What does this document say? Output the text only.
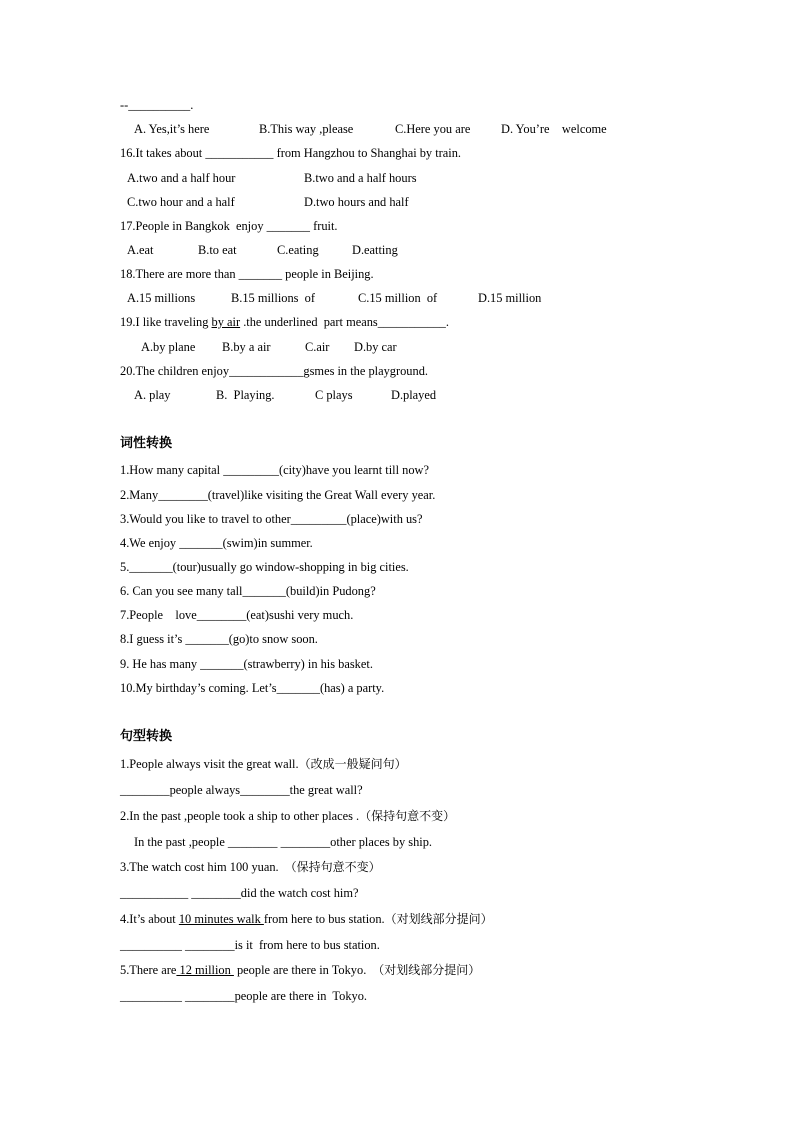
--__________.
A. Yes,it’s here	B.This way ,please	C.Here you are D. You’re    welcome
16.It takes about ___________ from Hangzhou to Shanghai by train.
A.two and a half hour	B.two and a half hours
C.two hour and a half	D.two hours and half
17.People in Bangkok  enjoy _______ fruit.
A.eat	B.to eat	C.eating	D.eatting
18.There are more than _______ people in Beijing.
A.15 millions	B.15 millions  of	C.15 million  of	D.15 million
19.I like traveling by air .the underlined  part means___________.
A.by plane B.by a air	C.air D.by car
20.The children enjoy____________gsmes in the playground.
A. play	B.  Playing.	C plays	D.played
词性转换
1.How many capital _________(city)have you learnt till now?
2.Many________(travel)like visiting the Great Wall every year.
3.Would you like to travel to other_________(place)with us?
4.We enjoy _______(swim)in summer.
5._______(tour)usually go window-shopping in big cities.
6. Can you see many tall_______(build)in Pudong?
7.People    love________(eat)sushi very much.
8.I guess it’s _______(go)to snow soon.
9. He has many _______(strawberry) in his basket.
10.My birthday’s coming. Let’s_______(has) a party.
句型转换
1.People always visit the great wall.（改成一般疑问句）
________people always________the great wall?
2.In the past ,people took a ship to other places .（保持句意不变）
In the past ,people ________ ________other places by ship.
3.The watch cost him 100 yuan. （保持句意不变）
___________ ________did the watch cost him?
4.It’s about 10 minutes walk from here to bus station.（对划线部分提问）
__________ ________is it  from here to bus station.
5.There are 12 million  people are there in Tokyo. （对划线部分提问）
__________ ________people are there in  Tokyo.
